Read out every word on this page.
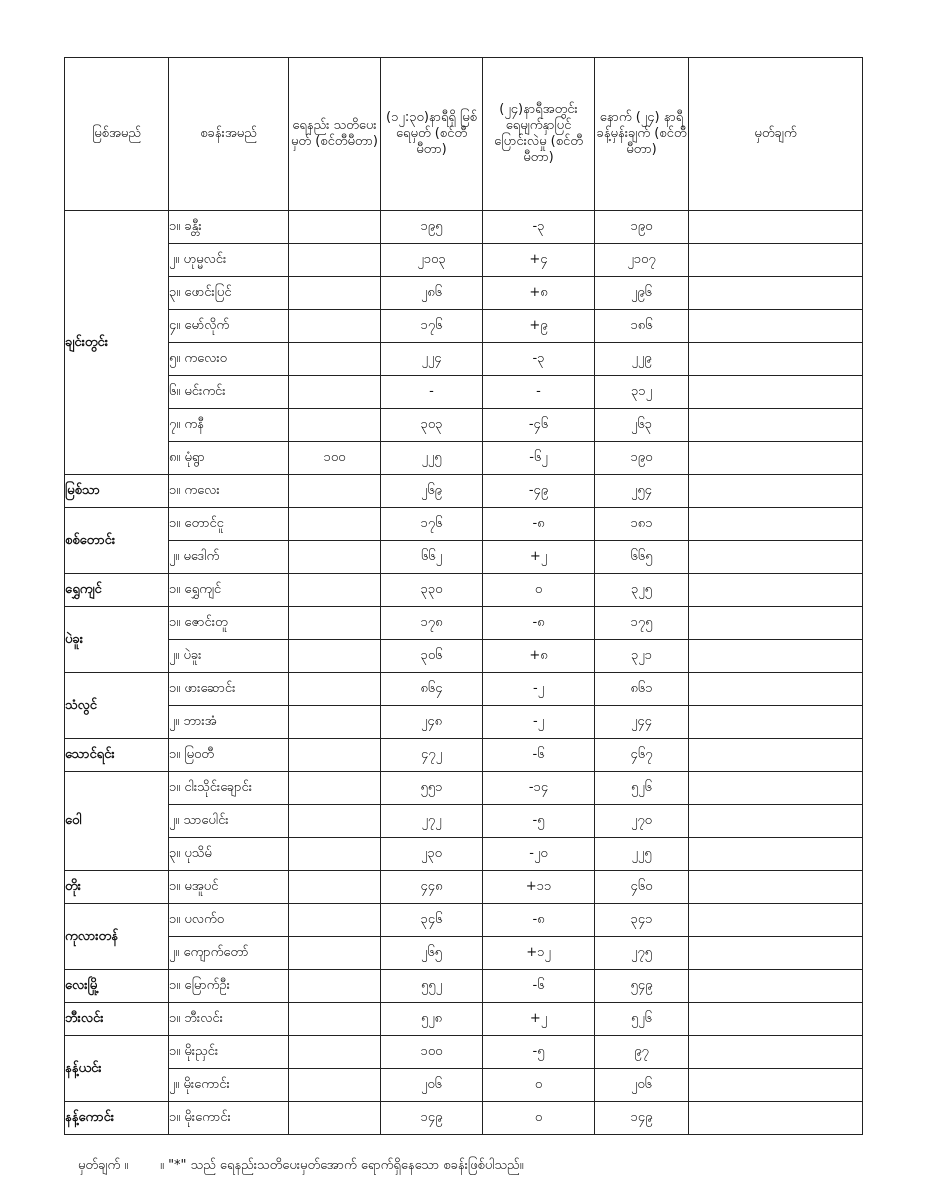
မြစ်အမည်	စခန်းအမည်	ရေနည်း သတိပေးမှတ် (စင်တီမီတာ)	(၁၂:၃၀)နာရီရှိ မြစ်ရေမှတ် (စင်တီမီတာ)	(၂၄)နာရီအတွင်း ရေမျက်နှာပြင် ပြောင်းလဲမှု (စင်တီမီတာ)	နောက် (၂၄) နာရီ ခန့်မှန်းချက် (စင်တီမီတာ)	မှတ်ချက်
ချင်းတွင်း	၁။ ခန္တီး		၁၉၅	-၃	၁၉၀	
	၂။ ဟုမ္မလင်း		၂၁၀၃	+၄	၂၁၀၇	
	၃။ ဖောင်းပြင်		၂၈၆	+၈	၂၉၆	
	၄။ မော်လိုက်		၁၇၆	+၉	၁၈၆	
	၅။ ကလေးဝ		၂၂၄	-၃	၂၂၉	
	၆။ မင်းကင်း		-	-	၃၁၂	
	၇။ ကနီ		၃၀၃	-၄၆	၂၆၃	
	၈။ မုံရွာ	၁၀၀	၂၂၅	-၆၂	၁၉၀	
မြစ်သာ	၁။ ကလေး		၂၆၉	-၄၉	၂၅၄	
စစ်တောင်း	၁။ တောင်ငူ		၁၇၆	-၈	၁၈၁	
	၂။ မဒေါက်		၆၆၂	+၂	၆၆၅	
ရွှေကျင်	၁။ ရွှေကျင်		၃၃၀	၀	၃၂၅	
ပဲခူး	၁။ ဇောင်းတူ		၁၇၈	-၈	၁၇၅	
	၂။ ပဲခူး		၃၀၆	+၈	၃၂၁	
သံလွင်	၁။ ဖားဆောင်း		၈၆၄	-၂	၈၆၁	
	၂။ ဘားအံ		၂၄၈	-၂	၂၄၄	
သောင်ရင်း	၁။ မြဝတီ		၄၇၂	-၆	၄၆၇	
ဝေါ	၁။ ငါးသိုင်းချောင်း		၅၅၁	-၁၄	၅၂၆	
	၂။ သာပေါင်း		၂၇၂	-၅	၂၇၀	
	၃။ ပုသိမ်		၂၃၀	-၂၀	၂၂၅	
တိုး	၁။ မအူပင်		၄၄၈	+၁၁	၄၆၀	
ကုလားတန်	၁။ ပလက်ဝ		၃၄၆	-၈	၃၄၁	
	၂။ ကျောက်တော်		၂၆၅	+၁၂	၂၇၅	
လေးမြို့	၁။ မြောက်ဦး		၅၅၂	-၆	၅၄၉	
ဘီးလင်း	၁။ ဘီးလင်း		၅၂၈	+၂	၅၂၆	
နန့်ယင်း	၁။ မိုးညှင်း		၁၀၀	-၅	၉၇	
	၂။ မိုးကောင်း		၂၀၆	၀	၂၀၆	
နန့်ကောင်း	၁။ မိုးကောင်း		၁၄၉	၀	၁၄၉	
မှတ်ချက် ။ ။ "*" သည် ရေနည်းသတိပေးမှတ်အောက် ရောက်ရှိနေသော စခန်းဖြစ်ပါသည်။
